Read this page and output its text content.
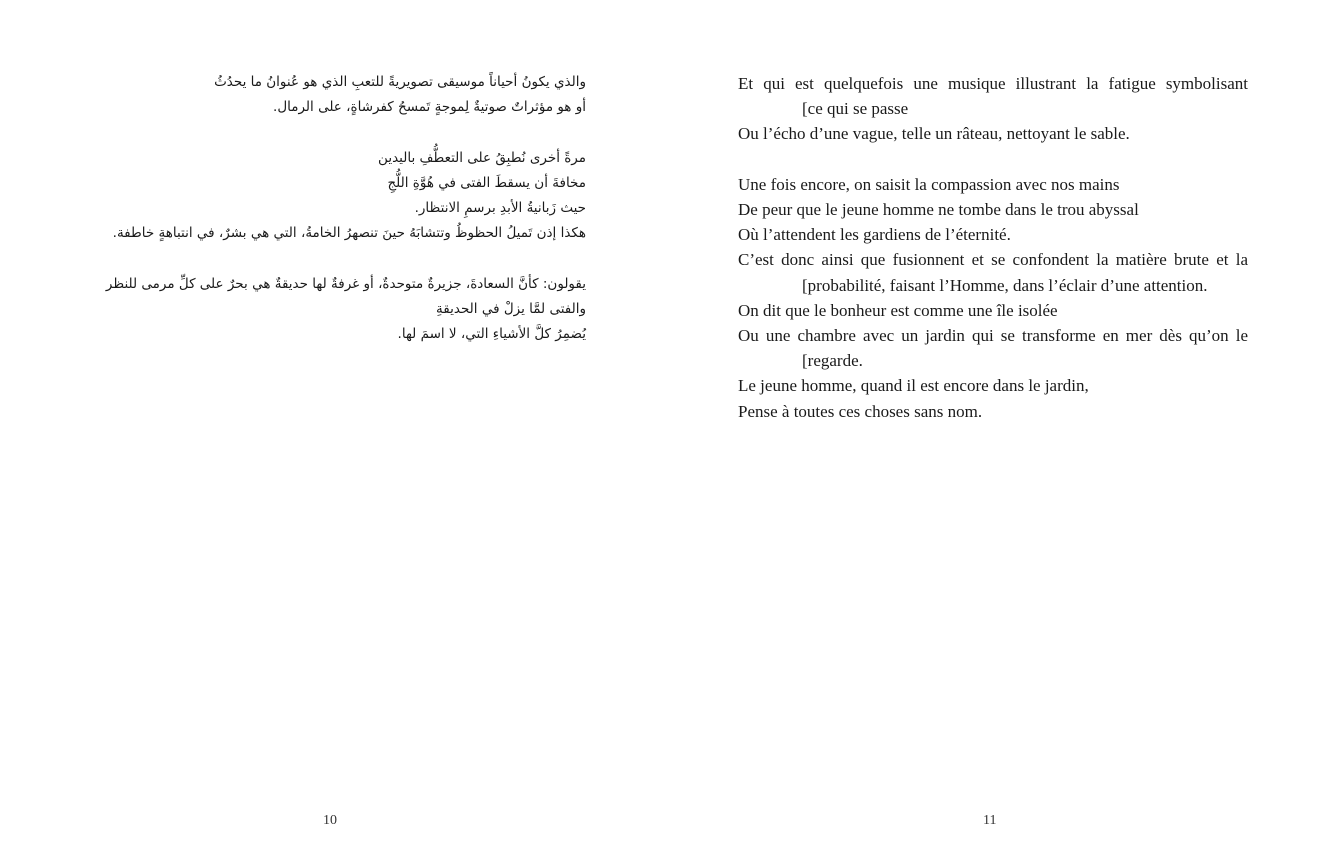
والذي يكونُ أحياناً موسيقى تصويريةً للتعبِ الذي هو عُنوانُ ما يحدُثُ
أو هو مؤثراتٌ صوتيةٌ لِموجةٍ تَمسحُ كفرشاةٍ، على الرمال.
مرةً أخرى نُطبِقُ على التعطُّفِ باليدين
مخافةَ أن يسقطَ الفتى في هُوَّةِ اللُّجِ
حيث زَبانيةُ الأبدِ برسمِ الانتظار.
هكذا إذن تَميلُ الحظوظُ وتتشابَهُ حينَ تنصهرُ الخامةُ، التي هي بشرٌ، في انتباهةٍ خاطفة.
يقولون: كأنَّ السعادةَ، جزيرةٌ متوحدةٌ، أو غرفةٌ لها حديقةٌ هي بحرٌ على كلِّ مرمى للنظر
والفتى لمَّا يزلْ في الحديقةِ
يُضمِرُ كلَّ الأشياءِ التي، لا اسمَ لها.
10
Et qui est quelquefois une musique illustrant la fatigue symbolisant
[ce qui se passe
Ou l’écho d’une vague, telle un râteau, nettoyant le sable.
Une fois encore, on saisit la compassion avec nos mains
De peur que le jeune homme ne tombe dans le trou abyssal
Où l’attendent les gardiens de l’éternité.
C’est donc ainsi que fusionnent et se confondent la matière brute et la
[probabilité, faisant l’Homme, dans l’éclair d’une attention.
On dit que le bonheur est comme une île isolée
Ou une chambre avec un jardin qui se transforme en mer dès qu’on le
[regarde.
Le jeune homme, quand il est encore dans le jardin,
Pense à toutes ces choses sans nom.
11
